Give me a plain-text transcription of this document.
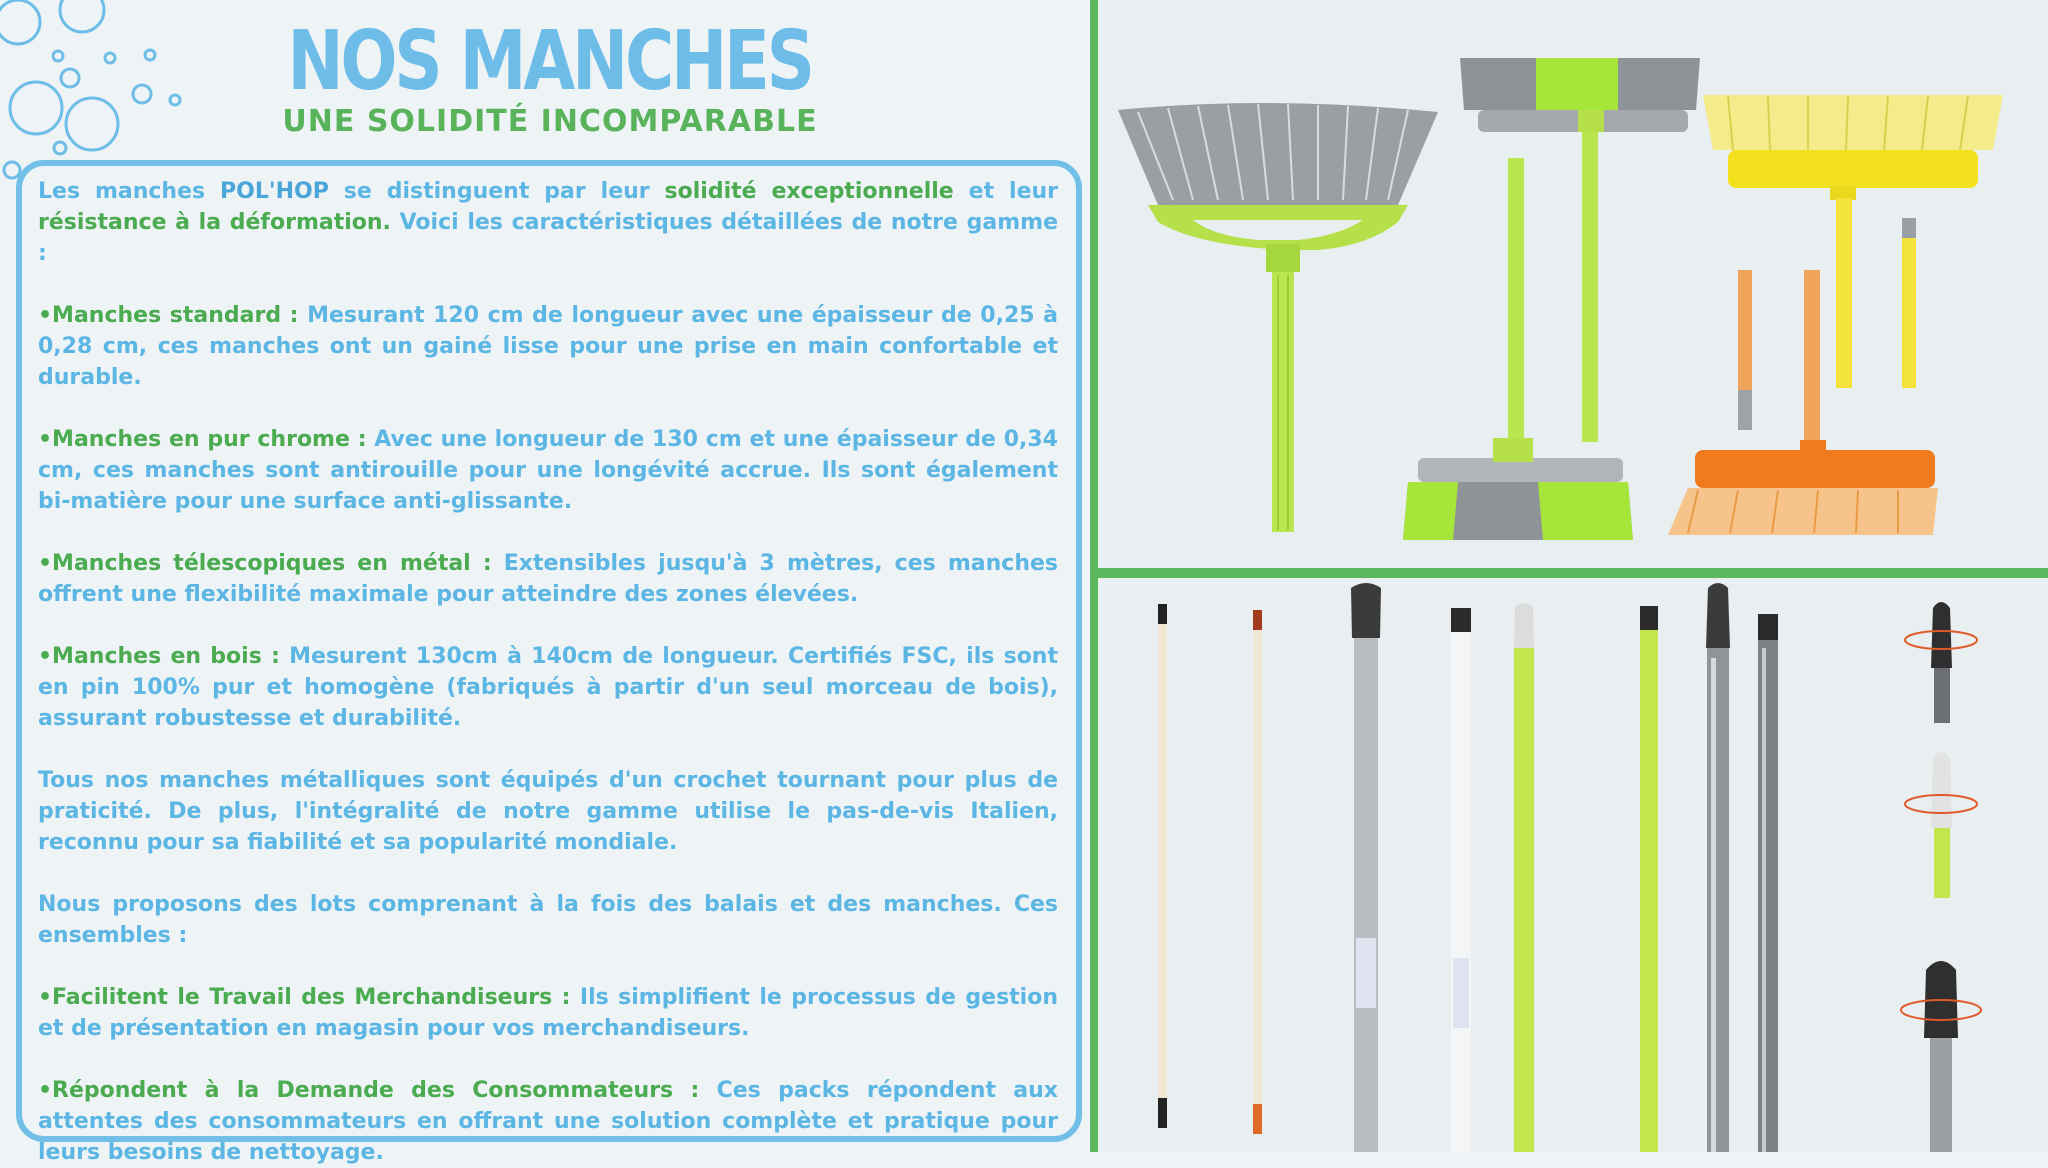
NOS MANCHES
UNE SOLIDITÉ INCOMPARABLE

Les manches POL'HOP se distinguent par leur solidité exceptionnelle et leur résistance à la déformation. Voici les caractéristiques détaillées de notre gamme :

•Manches standard : Mesurant 120 cm de longueur avec une épaisseur de 0,25 à 0,28 cm, ces manches ont un gainé lisse pour une prise en main confortable et durable.

•Manches en pur chrome : Avec une longueur de 130 cm et une épaisseur de 0,34 cm, ces manches sont antirouille pour une longévité accrue. Ils sont également bi-matière pour une surface anti-glissante.

•Manches télescopiques en métal : Extensibles jusqu'à 3 mètres, ces manches offrent une flexibilité maximale pour atteindre des zones élevées.

•Manches en bois : Mesurent 130cm à 140cm de longueur. Certifiés FSC, ils sont en pin 100% pur et homogène (fabriqués à partir d'un seul morceau de bois), assurant robustesse et durabilité.

Tous nos manches métalliques sont équipés d'un crochet tournant pour plus de praticité. De plus, l'intégralité de notre gamme utilise le pas-de-vis Italien, reconnu pour sa fiabilité et sa popularité mondiale.

Nous proposons des lots comprenant à la fois des balais et des manches. Ces ensembles :

•Facilitent le Travail des Merchandiseurs : Ils simplifient le processus de gestion et de présentation en magasin pour vos merchandiseurs.

•Répondent à la Demande des Consommateurs : Ces packs répondent aux attentes des consommateurs en offrant une solution complète et pratique pour leurs besoins de nettoyage.
